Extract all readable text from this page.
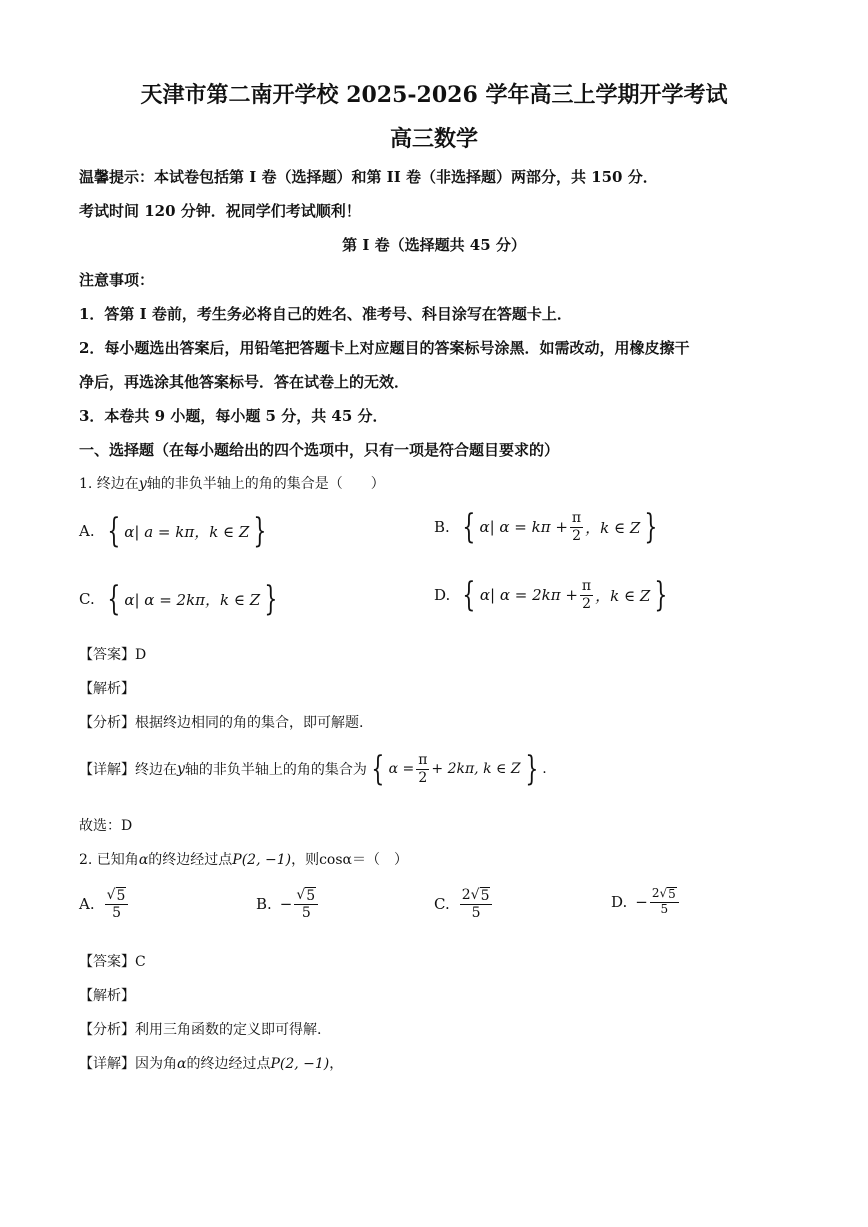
天津市第二南开学校 2025-2026 学年高三上学期开学考试
高三数学
温馨提示：本试卷包括第 I 卷（选择题）和第 II 卷（非选择题）两部分，共 150 分．
考试时间 120 分钟．祝同学们考试顺利！
第 I 卷（选择题共 45 分）
注意事项：
1．答第 I 卷前，考生务必将自己的姓名、准考号、科目涂写在答题卡上．
2．每小题选出答案后，用铅笔把答题卡上对应题目的答案标号涂黑．如需改动，用橡皮擦干
净后，再选涂其他答案标号．答在试卷上的无效．
3．本卷共 9 小题，每小题 5 分，共 45 分．
一、选择题（在每小题给出的四个选项中，只有一项是符合题目要求的）
1. 终边在y轴的非负半轴上的角的集合是（　　）
A. { α| a = kπ，k ∈ Z }	B. { α| $\alpha = k\pi + \frac{\pi}{2}$ ，k ∈ Z }
C. { α| α = 2kπ，k ∈ Z }	D. { α| $\alpha = 2k\pi + \frac{\pi}{2}$ ，k ∈ Z }
【答案】D
【解析】
【分析】根据终边相同的角的集合，即可解题.
【详解】终边在 y 轴的非负半轴上的角的集合为 { $\alpha = \frac{\pi}{2} + 2k\pi$, k ∈ Z } .
故选：D
2. 已知角α的终边经过点P(2, −1)，则cosα＝（　）
A. $\frac{√ 5}{5}$	B. − $\frac{√ 5}{5}$	C. $\frac{2√ 5}{5}$	D. − $\frac{2√ 5}{5}$
【答案】C
【解析】
【分析】利用三角函数的定义即可得解.
【详解】因为角α的终边经过点P(2, −1)，
